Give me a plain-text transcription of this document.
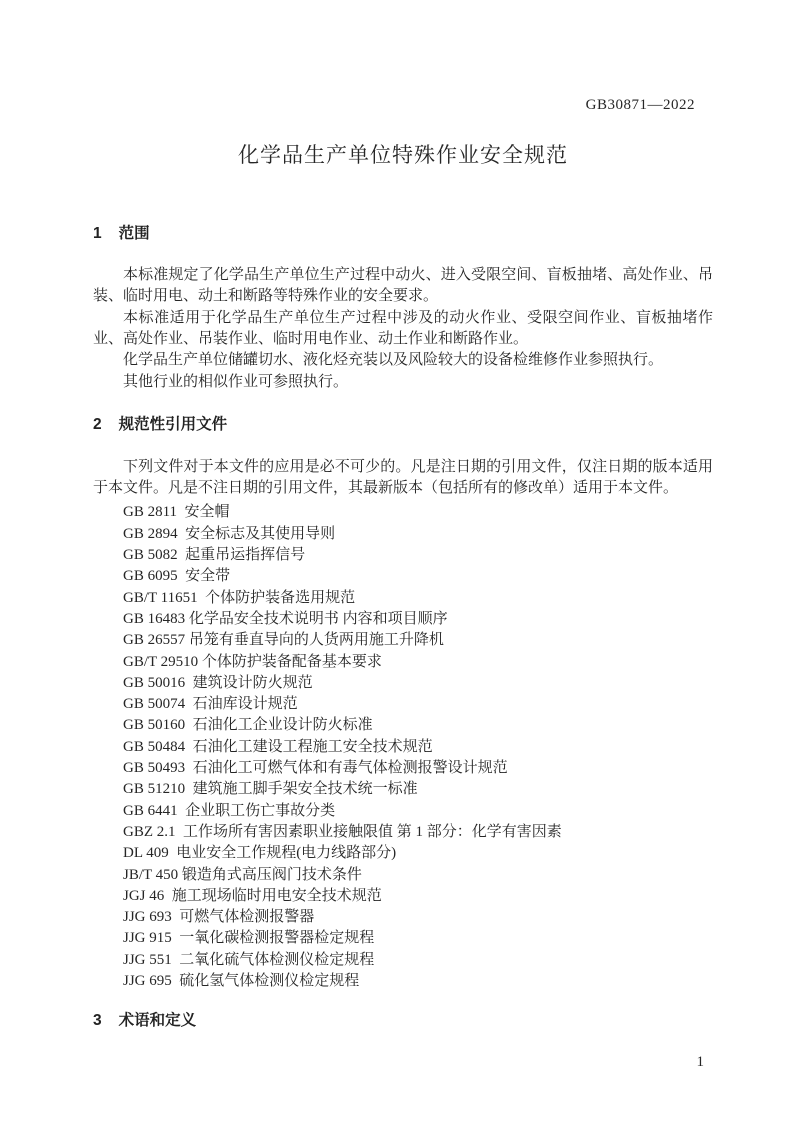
GB30871—2022
化学品生产单位特殊作业安全规范
1 范围

本标准规定了化学品生产单位生产过程中动火、进入受限空间、盲板抽堵、高处作业、吊装、临时用电、动土和断路等特殊作业的安全要求。

本标准适用于化学品生产单位生产过程中涉及的动火作业、受限空间作业、盲板抽堵作业、高处作业、吊装作业、临时用电作业、动土作业和断路作业。

化学品生产单位储罐切水、液化烃充装以及风险较大的设备检维修作业参照执行。

其他行业的相似作业可参照执行。

2 规范性引用文件

下列文件对于本文件的应用是必不可少的。凡是注日期的引用文件，仅注日期的版本适用于本文件。凡是不注日期的引用文件，其最新版本（包括所有的修改单）适用于本文件。

GB 2811  安全帽
GB 2894  安全标志及其使用导则
GB 5082  起重吊运指挥信号
GB 6095  安全带
GB/T 11651  个体防护装备选用规范
GB 16483 化学品安全技术说明书 内容和项目顺序
GB 26557 吊笼有垂直导向的人货两用施工升降机
GB/T 29510 个体防护装备配备基本要求
GB 50016  建筑设计防火规范
GB 50074  石油库设计规范
GB 50160  石油化工企业设计防火标准
GB 50484  石油化工建设工程施工安全技术规范
GB 50493  石油化工可燃气体和有毒气体检测报警设计规范
GB 51210  建筑施工脚手架安全技术统一标准
GB 6441  企业职工伤亡事故分类
GBZ 2.1  工作场所有害因素职业接触限值 第 1 部分：化学有害因素
DL 409  电业安全工作规程(电力线路部分)
JB/T 450 锻造角式高压阀门技术条件
JGJ 46  施工现场临时用电安全技术规范
JJG 693  可燃气体检测报警器
JJG 915  一氧化碳检测报警器检定规程
JJG 551  二氧化硫气体检测仪检定规程
JJG 695  硫化氢气体检测仪检定规程
3 术语和定义
1
